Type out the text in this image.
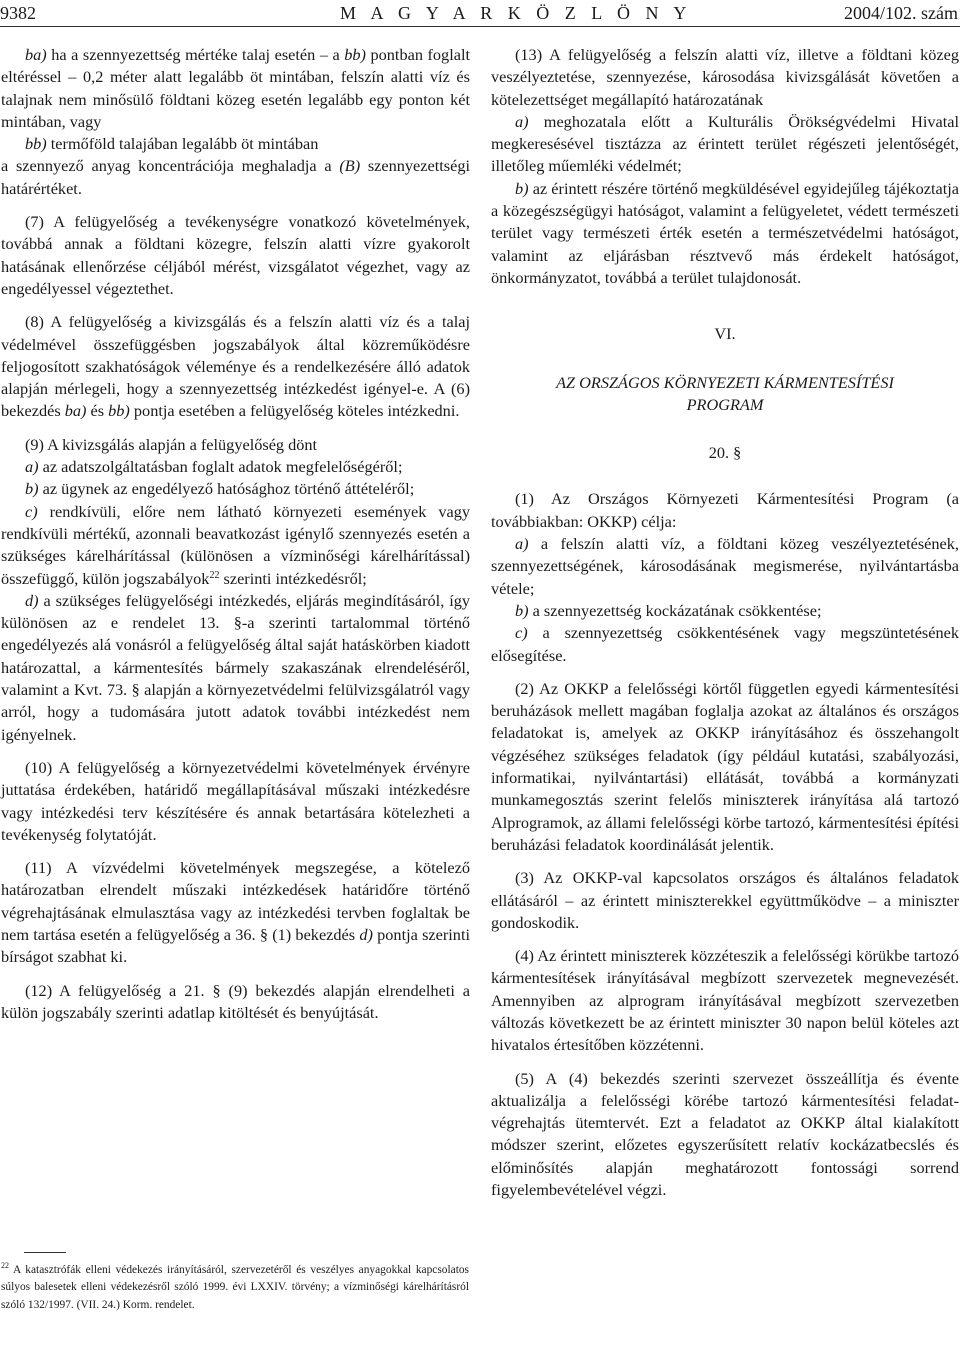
9382	M A G Y A R K Ö Z L Ö N Y	2004/102. szám

ba) ha a szennyezettség mértéke talaj esetén – a bb) pontban foglalt eltéréssel – 0,2 méter alatt legalább öt mintában, felszín alatti víz és talajnak nem minősülő földtani közeg esetén legalább egy ponton két mintában, vagy

bb) termőföld talajában legalább öt mintában

a szennyező anyag koncentrációja meghaladja a (B) szennyezettségi határértéket.

(7) A felügyelőség a tevékenységre vonatkozó követelmények, továbbá annak a földtani közegre, felszín alatti vízre gyakorolt hatásának ellenőrzése céljából mérést, vizsgálatot végezhet, vagy az engedélyessel végeztethet.

(8) A felügyelőség a kivizsgálás és a felszín alatti víz és a talaj védelmével összefüggésben jogszabályok által közreműködésre feljogosított szakhatóságok véleménye és a rendelkezésére álló adatok alapján mérlegeli, hogy a szennyezettség intézkedést igényel-e. A (6) bekezdés ba) és bb) pontja esetében a felügyelőség köteles intézkedni.

(9) A kivizsgálás alapján a felügyelőség dönt

a) az adatszolgáltatásban foglalt adatok megfelelőségéről;

b) az ügynek az engedélyező hatósághoz történő áttételéről;

c) rendkívüli, előre nem látható környezeti események vagy rendkívüli mértékű, azonnali beavatkozást igénylő szennyezés esetén a szükséges kárelhárítással (különösen a vízminőségi kárelhárítással) összefüggő, külön jogszabályok$^{22}$ szerinti intézkedésről;

d) a szükséges felügyelőségi intézkedés, eljárás megindításáról, így különösen az e rendelet 13. §-a szerinti tartalommal történő engedélyezés alá vonásról a felügyelőség által saját hatáskörben kiadott határozattal, a kármentesítés bármely szakaszának elrendeléséről, valamint a Kvt. 73. § alapján a környezetvédelmi felülvizsgálatról vagy arról, hogy a tudomására jutott adatok további intézkedést nem igényelnek.

(10) A felügyelőség a környezetvédelmi követelmények érvényre juttatása érdekében, határidő megállapításával műszaki intézkedésre vagy intézkedési terv készítésére és annak betartására kötelezheti a tevékenység folytatóját.

(11) A vízvédelmi követelmények megszegése, a kötelező határozatban elrendelt műszaki intézkedések határidőre történő végrehajtásának elmulasztása vagy az intézkedési tervben foglaltak be nem tartása esetén a felügyelőség a 36. § (1) bekezdés d) pontja szerinti bírságot szabhat ki.

(12) A felügyelőség a 21. § (9) bekezdés alapján elrendelheti a külön jogszabály szerinti adatlap kitöltését és benyújtását.

$^{22}$ A katasztrófák elleni védekezés irányításáról, szervezetéről és veszélyes anyagokkal kapcsolatos súlyos balesetek elleni védekezésről szóló 1999. évi LXXIV. törvény; a vízminőségi kárelhárításról szóló 132/1997. (VII. 24.) Korm. rendelet.

(13) A felügyelőség a felszín alatti víz, illetve a földtani közeg veszélyeztetése, szennyezése, károsodása kivizsgálását követően a kötelezettséget megállapító határozatának

a) meghozatala előtt a Kulturális Örökségvédelmi Hivatal megkeresésével tisztázza az érintett terület régészeti jelentőségét, illetőleg műemléki védelmét;

b) az érintett részére történő megküldésével egyidejűleg tájékoztatja a közegészségügyi hatóságot, valamint a felügyeletet, védett természeti terület vagy természeti érték esetén a természetvédelmi hatóságot, valamint az eljárásban résztvevő más érdekelt hatóságot, önkormányzatot, továbbá a terület tulajdonosát.

VI.

AZ ORSZÁGOS KÖRNYEZETI KÁRMENTESÍTÉSI PROGRAM

20. §

(1) Az Országos Környezeti Kármentesítési Program (a továbbiakban: OKKP) célja:

a) a felszín alatti víz, a földtani közeg veszélyeztetésének, szennyezettségének, károsodásának megismerése, nyilvántartásba vétele;

b) a szennyezettség kockázatának csökkentése;

c) a szennyezettség csökkentésének vagy megszüntetésének elősegítése.

(2) Az OKKP a felelősségi körtől független egyedi kármentesítési beruházások mellett magában foglalja azokat az általános és országos feladatokat is, amelyek az OKKP irányításához és összehangolt végzéséhez szükséges feladatok (így például kutatási, szabályozási, informatikai, nyilvántartási) ellátását, továbbá a kormányzati munkamegosztás szerint felelős miniszterek irányítása alá tartozó Alprogramok, az állami felelősségi körbe tartozó, kármentesítési építési beruházási feladatok koordinálását jelentik.

(3) Az OKKP-val kapcsolatos országos és általános feladatok ellátásáról – az érintett miniszterekkel együttműködve – a miniszter gondoskodik.

(4) Az érintett miniszterek közzéteszik a felelősségi körükbe tartozó kármentesítések irányításával megbízott szervezetek megnevezését. Amennyiben az alprogram irányításával megbízott szervezetben változás következett be az érintett miniszter 30 napon belül köteles azt hivatalos értesítőben közzétenni.

(5) A (4) bekezdés szerinti szervezet összeállítja és évente aktualizálja a felelősségi körébe tartozó kármentesítési feladat-végrehajtás ütemtervét. Ezt a feladatot az OKKP által kialakított módszer szerint, előzetes egyszerűsített relatív kockázatbecslés és előminősítés alapján meghatározott fontossági sorrend figyelembevételével végzi.
